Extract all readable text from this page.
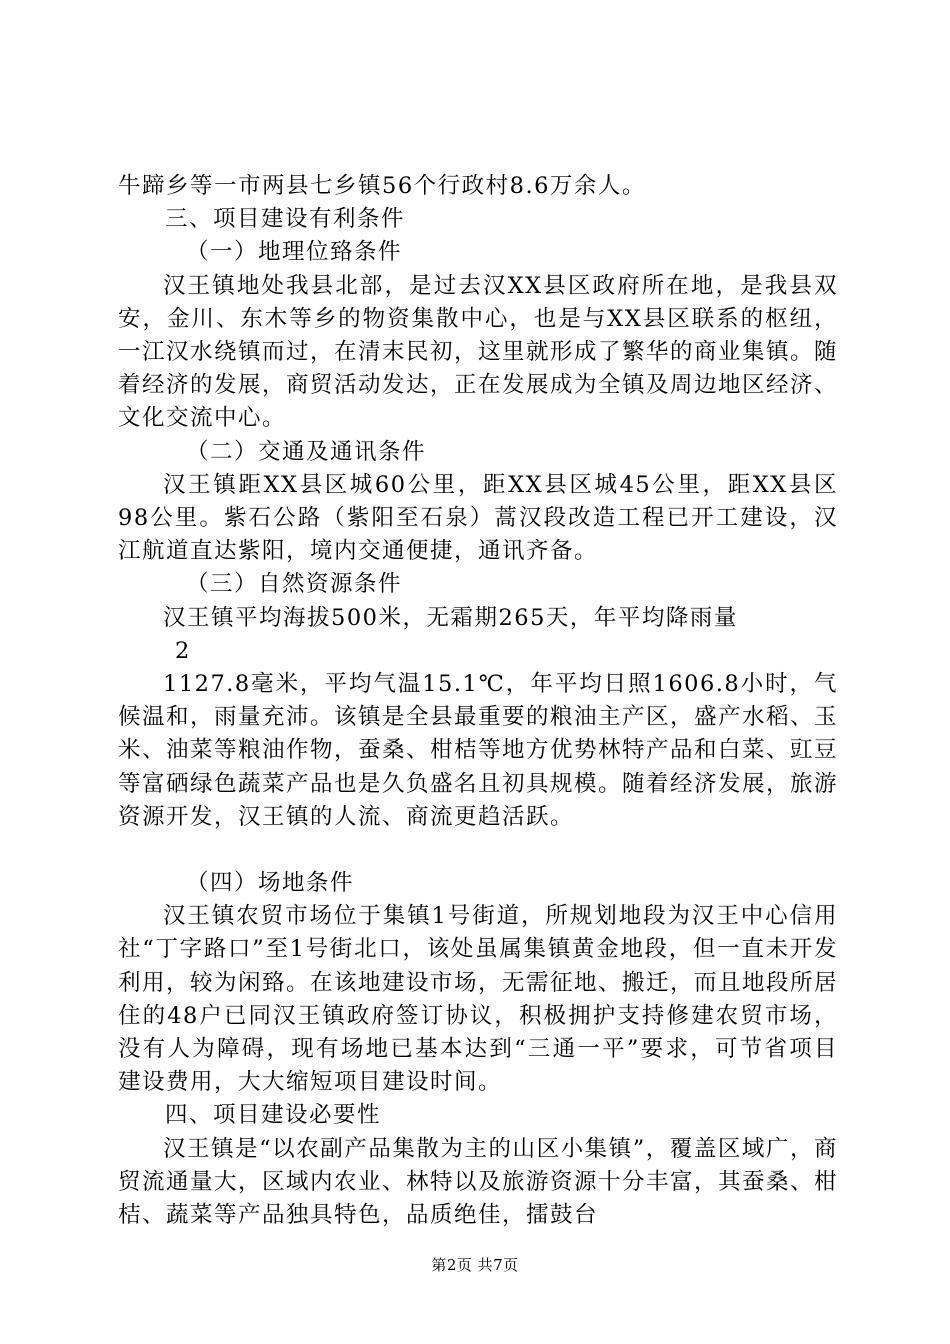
牛蹄乡等一市两县七乡镇56个行政村8.6万余人。

三、项目建设有利条件

（一）地理位臵条件

汉王镇地处我县北部，是过去汉XX县区政府所在地，是我县双安，金川、东木等乡的物资集散中心，也是与XX县区联系的枢纽，一江汉水绕镇而过，在清末民初，这里就形成了繁华的商业集镇。随着经济的发展，商贸活动发达，正在发展成为全镇及周边地区经济、文化交流中心。

（二）交通及通讯条件

汉王镇距XX县区城60公里，距XX县区城45公里，距XX县区98公里。紫石公路（紫阳至石泉）蒿汉段改造工程已开工建设，汉江航道直达紫阳，境内交通便捷，通讯齐备。

（三）自然资源条件

汉王镇平均海拔500米，无霜期265天，年平均降雨量

2

1127.8毫米，平均气温15.1℃，年平均日照1606.8小时，气候温和，雨量充沛。该镇是全县最重要的粮油主产区，盛产水稻、玉米、油菜等粮油作物，蚕桑、柑桔等地方优势林特产品和白菜、豇豆等富硒绿色蔬菜产品也是久负盛名且初具规模。随着经济发展，旅游资源开发，汉王镇的人流、商流更趋活跃。

（四）场地条件

汉王镇农贸市场位于集镇1号街道，所规划地段为汉王中心信用社“丁字路口”至1号街北口，该处虽属集镇黄金地段，但一直未开发利用，较为闲臵。在该地建设市场，无需征地、搬迁，而且地段所居住的48户已同汉王镇政府签订协议，积极拥护支持修建农贸市场，没有人为障碍，现有场地已基本达到“三通一平”要求，可节省项目建设费用，大大缩短项目建设时间。

四、项目建设必要性

汉王镇是“以农副产品集散为主的山区小集镇”，覆盖区域广，商贸流通量大，区域内农业、林特以及旅游资源十分丰富，其蚕桑、柑桔、蔬菜等产品独具特色，品质绝佳，擂鼓台

第2页 共7页
